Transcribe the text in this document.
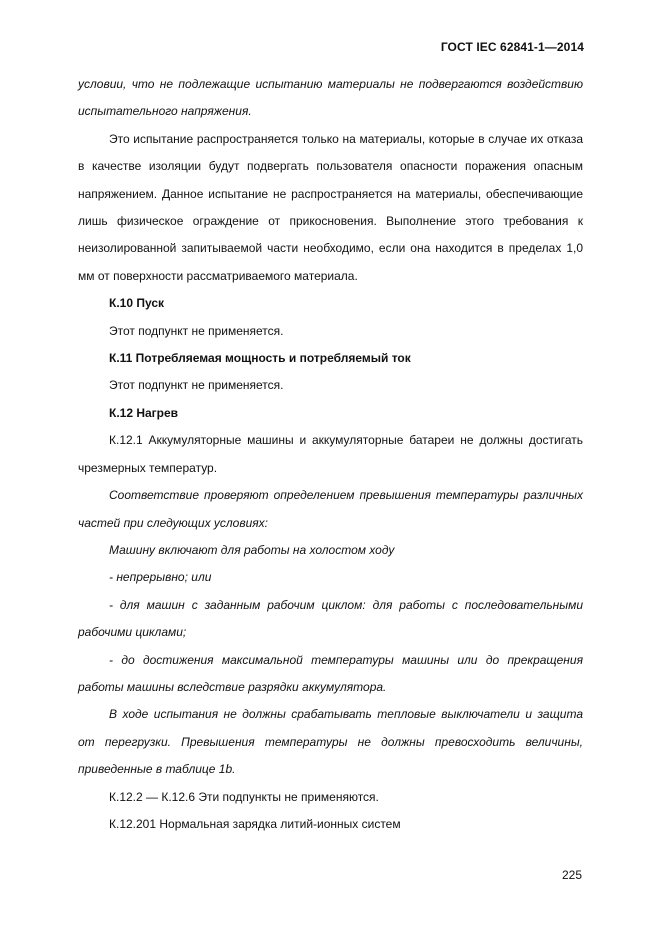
ГОСТ IEC 62841-1—2014

условии, что не подлежащие испытанию материалы не подвергаются воздействию испытательного напряжения.

Это испытание распространяется только на материалы, которые в случае их отказа в качестве изоляции будут подвергать пользователя опасности поражения опасным напряжением. Данное испытание не распространяется на материалы, обеспечивающие лишь физическое ограждение от прикосновения. Выполнение этого требования к неизолированной запитываемой части необходимо, если она находится в пределах 1,0 мм от поверхности рассматриваемого материала.

К.10 Пуск

Этот подпункт не применяется.

К.11 Потребляемая мощность и потребляемый ток

Этот подпункт не применяется.

К.12 Нагрев

К.12.1 Аккумуляторные машины и аккумуляторные батареи не должны достигать чрезмерных температур.

Соответствие проверяют определением превышения температуры различных частей при следующих условиях:

Машину включают для работы на холостом ходу

- непрерывно; или

- для машин с заданным рабочим циклом: для работы с последовательными рабочими циклами;

- до достижения максимальной температуры машины или до прекращения работы машины вследствие разрядки аккумулятора.

В ходе испытания не должны срабатывать тепловые выключатели и защита от перегрузки. Превышения температуры не должны превосходить величины, приведенные в таблице 1b.

К.12.2 — К.12.6 Эти подпункты не применяются.

К.12.201 Нормальная зарядка литий-ионных систем

225
